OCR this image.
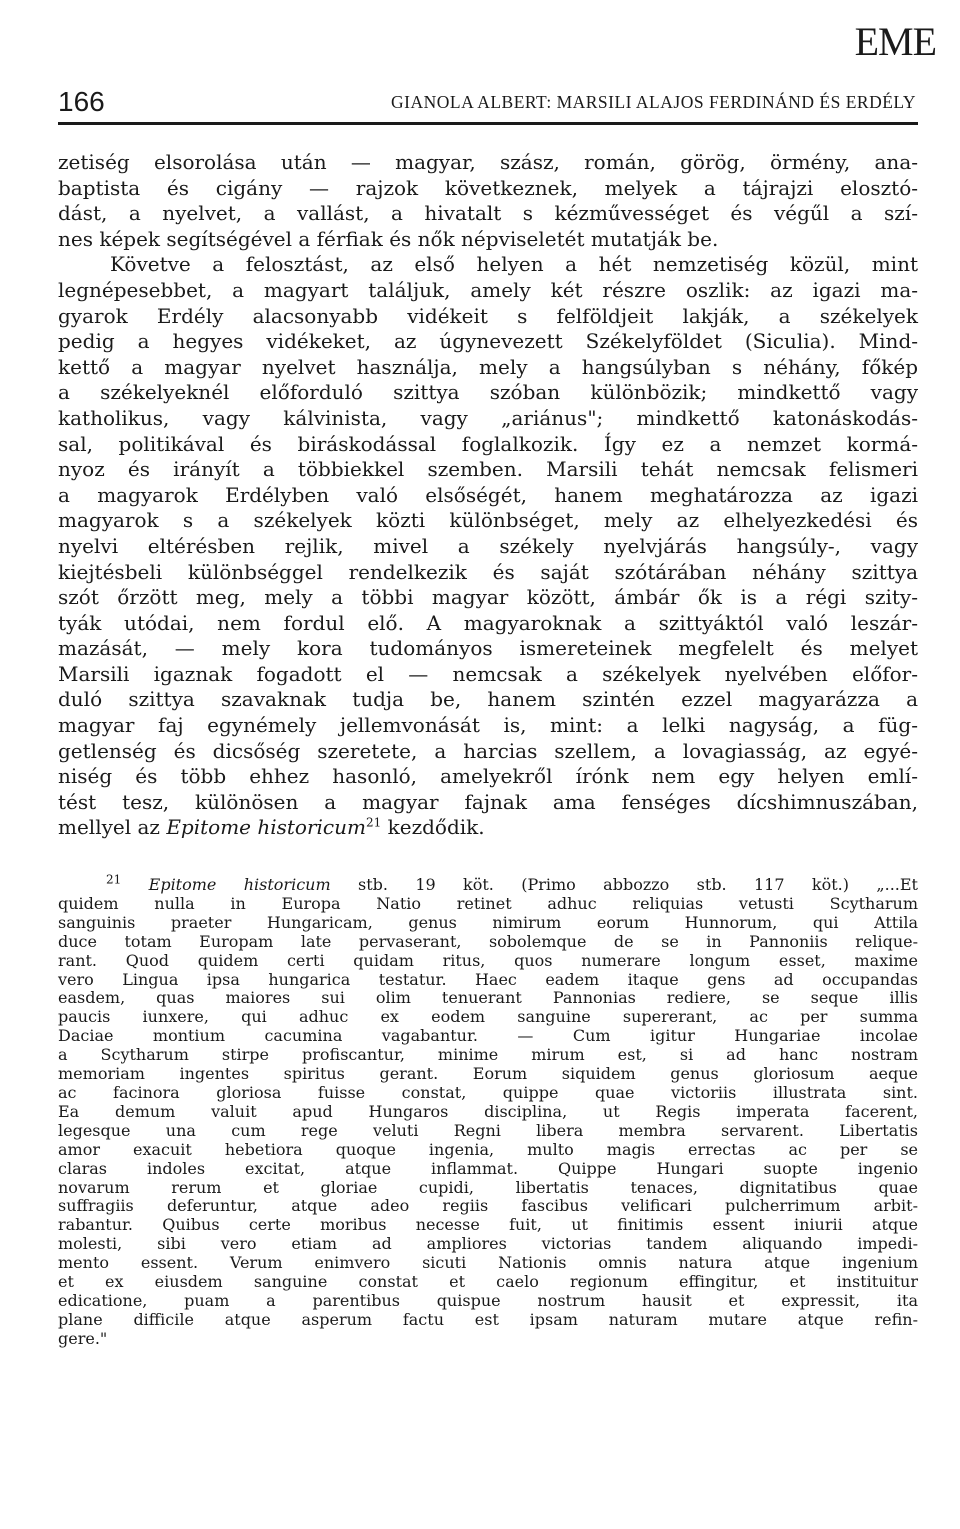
EME
166	GIANOLA ALBERT: MARSILI ALAJOS FERDINÁND ÉS ERDÉLY

zetiség elsorolása után — magyar, szász, román, görög, örmény, ana-

baptista és cigány — rajzok következnek, melyek a tájrajzi elosztó-

dást, a nyelvet, a vallást, a hivatalt s kézművességet és végűl a szí-

nes képek segítségével a férfiak és nők népviseletét mutatják be.

Követve a felosztást, az első helyen a hét nemzetiség közül, mint

legnépesebbet, a magyart találjuk, amely két részre oszlik: az igazi ma-

gyarok Erdély alacsonyabb vidékeit s felföldjeit lakják, a székelyek

pedig a hegyes vidékeket, az úgynevezett Székelyföldet (Siculia). Mind-

kettő a magyar nyelvet használja, mely a hangsúlyban s néhány, főkép

a székelyeknél előforduló szittya szóban különbözik; mindkettő vagy

katholikus, vagy kálvinista, vagy „ariánus"; mindkettő katonáskodás-

sal, politikával és biráskodással foglalkozik. Így ez a nemzet kormá-

nyoz és irányít a többiekkel szemben. Marsili tehát nemcsak felismeri

a magyarok Erdélyben való elsőségét, hanem meghatározza az igazi

magyarok s a székelyek közti különbséget, mely az elhelyezkedési és

nyelvi eltérésben rejlik, mivel a székely nyelvjárás hangsúly-, vagy

kiejtésbeli különbséggel rendelkezik és saját szótárában néhány szittya

szót őrzött meg, mely a többi magyar között, ámbár ők is a régi szity-

tyák utódai, nem fordul elő. A magyaroknak a szittyáktól való leszár-

mazását, — mely kora tudományos ismereteinek megfelelt és melyet

Marsili igaznak fogadott el — nemcsak a székelyek nyelvében előfor-

duló szittya szavaknak tudja be, hanem szintén ezzel magyarázza a

magyar faj egynémely jellemvonását is, mint: a lelki nagyság, a füg-

getlenség és dicsőség szeretete, a harcias szellem, a lovagiasság, az egyé-

niség és több ehhez hasonló, amelyekről írónk nem egy helyen emlí-

tést tesz, különösen a magyar fajnak ama fenséges dícshimnuszában,

mellyel az Epitome historicum$^{21}$ kezdődik.

$^{21}$ Epitome historicum stb. 19 köt. (Primo abbozzo stb. 117 köt.) „...Et

quidem nulla in Europa Natio retinet adhuc reliquias vetusti Scytharum

sanguinis praeter Hungaricam, genus nimirum eorum Hunnorum, qui Attila

duce totam Europam late pervaserant, sobolemque de se in Pannoniis relique-

rant. Quod quidem certi quidam ritus, quos numerare longum esset, maxime

vero Lingua ipsa hungarica testatur. Haec eadem itaque gens ad occupandas

easdem, quas maiores sui olim tenuerant Pannonias rediere, se seque illis

paucis iunxere, qui adhuc ex eodem sanguine supererant, ac per summa

Daciae montium cacumina vagabantur. — Cum igitur Hungariae incolae

a Scytharum stirpe profiscantur, minime mirum est, si ad hanc nostram

memoriam ingentes spiritus gerant. Eorum siquidem genus gloriosum aeque

ac facinora gloriosa fuisse constat, quippe quae victoriis illustrata sint.

Ea demum valuit apud Hungaros disciplina, ut Regis imperata facerent,

legesque una cum rege veluti Regni libera membra servarent. Libertatis

amor exacuit hebetiora quoque ingenia, multo magis errectas ac per se

claras indoles excitat, atque inflammat. Quippe Hungari suopte ingenio

novarum rerum et gloriae cupidi, libertatis tenaces, dignitatibus quae

suffragiis deferuntur, atque adeo regiis fascibus velificari pulcherrimum arbit-

rabantur. Quibus certe moribus necesse fuit, ut finitimis essent iniurii atque

molesti, sibi vero etiam ad ampliores victorias tandem aliquando impedi-

mento essent. Verum enimvero sicuti Nationis omnis natura atque ingenium

et ex eiusdem sanguine constat et caelo regionum effingitur, et instituitur

edicatione, puam a parentibus quispue nostrum hausit et expressit, ita

plane difficile atque asperum factu est ipsam naturam mutare atque refin-

gere."
